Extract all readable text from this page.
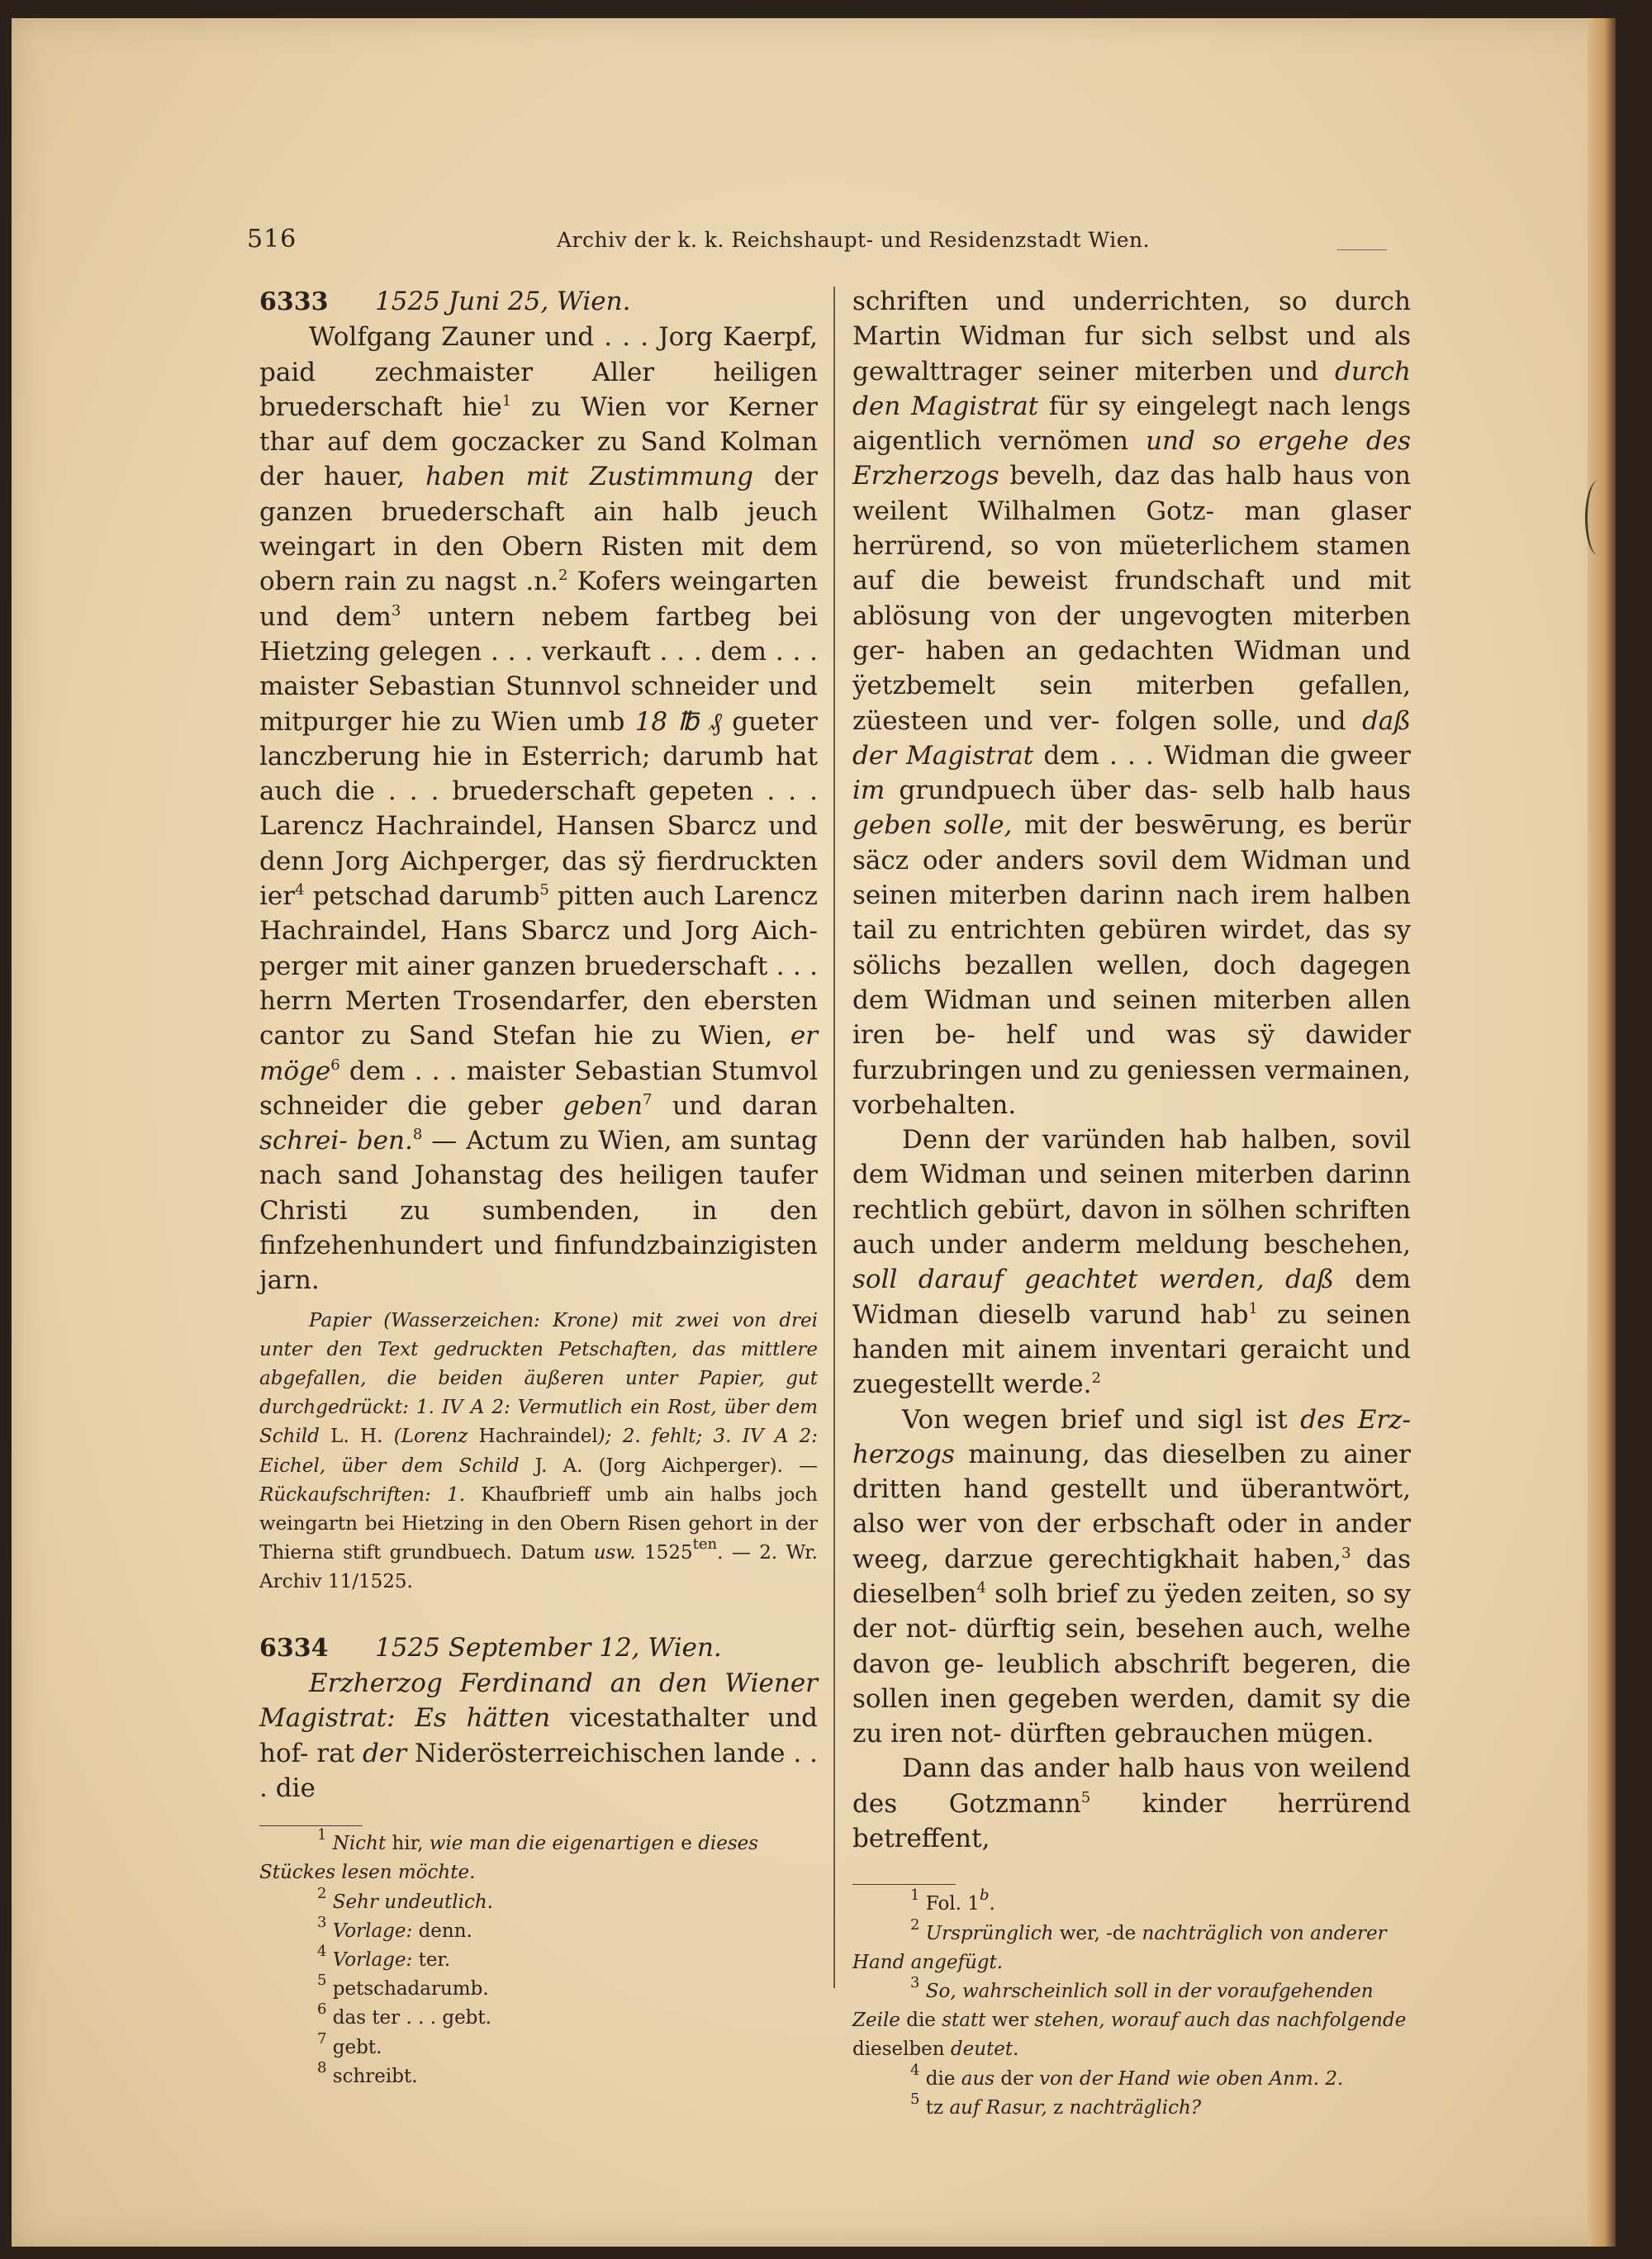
516	Archiv der k. k. Reichshaupt- und Residenzstadt Wien.
6333	1525 Juni 25, Wien.

Wolfgang Zauner und . . . Jorg Kaerpf, paid zechmaister Aller heiligen bruederschaft hie$^1$ zu Wien vor Kerner thar auf dem goczacker zu Sand Kolman der hauer, haben mit Zustimmung der ganzen bruederschaft ain halb jeuch weingart in den Obern Risten mit dem obern rain zu nagst .n.$^2$ Kofers weingarten und dem$^3$ untern nebem fartbeg bei Hietzing gelegen . . . verkauft . . . dem . . . maister Sebastian Stunnvol schneider und mitpurger hie zu Wien umb 18 ℔ ₰ gueter lanczberung hie in Esterrich; darumb hat auch die . . . bruederschaft gepeten . . . Larencz Hachraindel, Hansen Sbarcz und denn Jorg Aichperger, das sÿ fierdruckten ier$^4$ petschad darumb$^5$ pitten auch Larencz Hachraindel, Hans Sbarcz und Jorg Aich- perger mit ainer ganzen bruederschaft . . . herrn Merten Trosendarfer, den ebersten cantor zu Sand Stefan hie zu Wien, er möge$^6$ dem . . . maister Sebastian Stumvol schneider die geber geben$^7$ und daran schrei- ben.$^8$ — Actum zu Wien, am suntag nach sand Johanstag des heiligen taufer Christi zu sumbenden, in den finfzehenhundert und finfundzbainzigisten jarn.

Papier (Wasserzeichen: Krone) mit zwei von drei unter den Text gedruckten Petschaften, das mittlere abgefallen, die beiden äußeren unter Papier, gut durchgedrückt: 1. IV A 2: Vermutlich ein Rost, über dem Schild L. H. (Lorenz Hachraindel); 2. fehlt; 3. IV A 2: Eichel, über dem Schild J. A. (Jorg Aichperger). — Rückaufschriften: 1. Khaufbrieff umb ain halbs joch weingartn bei Hietzing in den Obern Risen gehort in der Thierna stift grundbuech. Datum usw. $1525^{ten}$. — 2. Wr. Archiv 11/1525.

6334	1525 September 12, Wien.

Erzherzog Ferdinand an den Wiener Magistrat: Es hätten vicestathalter und hof- rat der Niderösterreichischen lande . . . die

$^1$ Nicht hir, wie man die eigenartigen e dieses Stückes lesen möchte.
$^2$ Sehr undeutlich.
$^3$ Vorlage: denn.
$^4$ Vorlage: ter.
$^5$ petschadarumb.
$^6$ das ter . . . gebt.
$^7$ gebt.
$^8$ schreibt.

schriften und underrichten, so durch Martin Widman fur sich selbst und als gewalttrager seiner miterben und durch den Magistrat für sy eingelegt nach lengs aigentlich vernömen und so ergehe des Erzherzogs bevelh, daz das halb haus von weilent Wilhalmen Gotz- man glaser herrürend, so von müeterlichem stamen auf die beweist frundschaft und mit ablösung von der ungevogten miterben ger- haben an gedachten Widman und ÿetzbemelt sein miterben gefallen, züesteen und ver- folgen solle, und daß der Magistrat dem . . . Widman die gweer im grundpuech über das- selb halb haus geben solle, mit der beswērung, es berür säcz oder anders sovil dem Widman und seinen miterben darinn nach irem halben tail zu entrichten gebüren wirdet, das sy sölichs bezallen wellen, doch dagegen dem Widman und seinen miterben allen iren be- helf und was sÿ dawider furzubringen und zu geniessen vermainen, vorbehalten.

Denn der varünden hab halben, sovil dem Widman und seinen miterben darinn rechtlich gebürt, davon in sölhen schriften auch under anderm meldung beschehen, soll darauf geachtet werden, daß dem Widman dieselb varund hab$^1$ zu seinen handen mit ainem inventari geraicht und zuegestellt werde.$^2$

Von wegen brief und sigl ist des Erz- herzogs mainung, das dieselben zu ainer dritten hand gestellt und überantwört, also wer von der erbschaft oder in ander weeg, darzue gerechtigkhait haben,$^3$ das dieselben$^4$ solh brief zu ÿeden zeiten, so sy der not- dürftig sein, besehen auch, welhe davon ge- leublich abschrift begeren, die sollen inen gegeben werden, damit sy die zu iren not- dürften gebrauchen mügen.

Dann das ander halb haus von weilend des Gotzmann$^5$ kinder herrürend betreffent,

$^1$ Fol. 1$^b$.
$^2$ Ursprünglich wer, -de nachträglich von anderer Hand angefügt.
$^3$ So, wahrscheinlich soll in der voraufgehenden Zeile die statt wer stehen, worauf auch das nachfolgende dieselben deutet.
$^4$ die aus der von der Hand wie oben Anm. 2.
$^5$ tz auf Rasur, z nachträglich?
